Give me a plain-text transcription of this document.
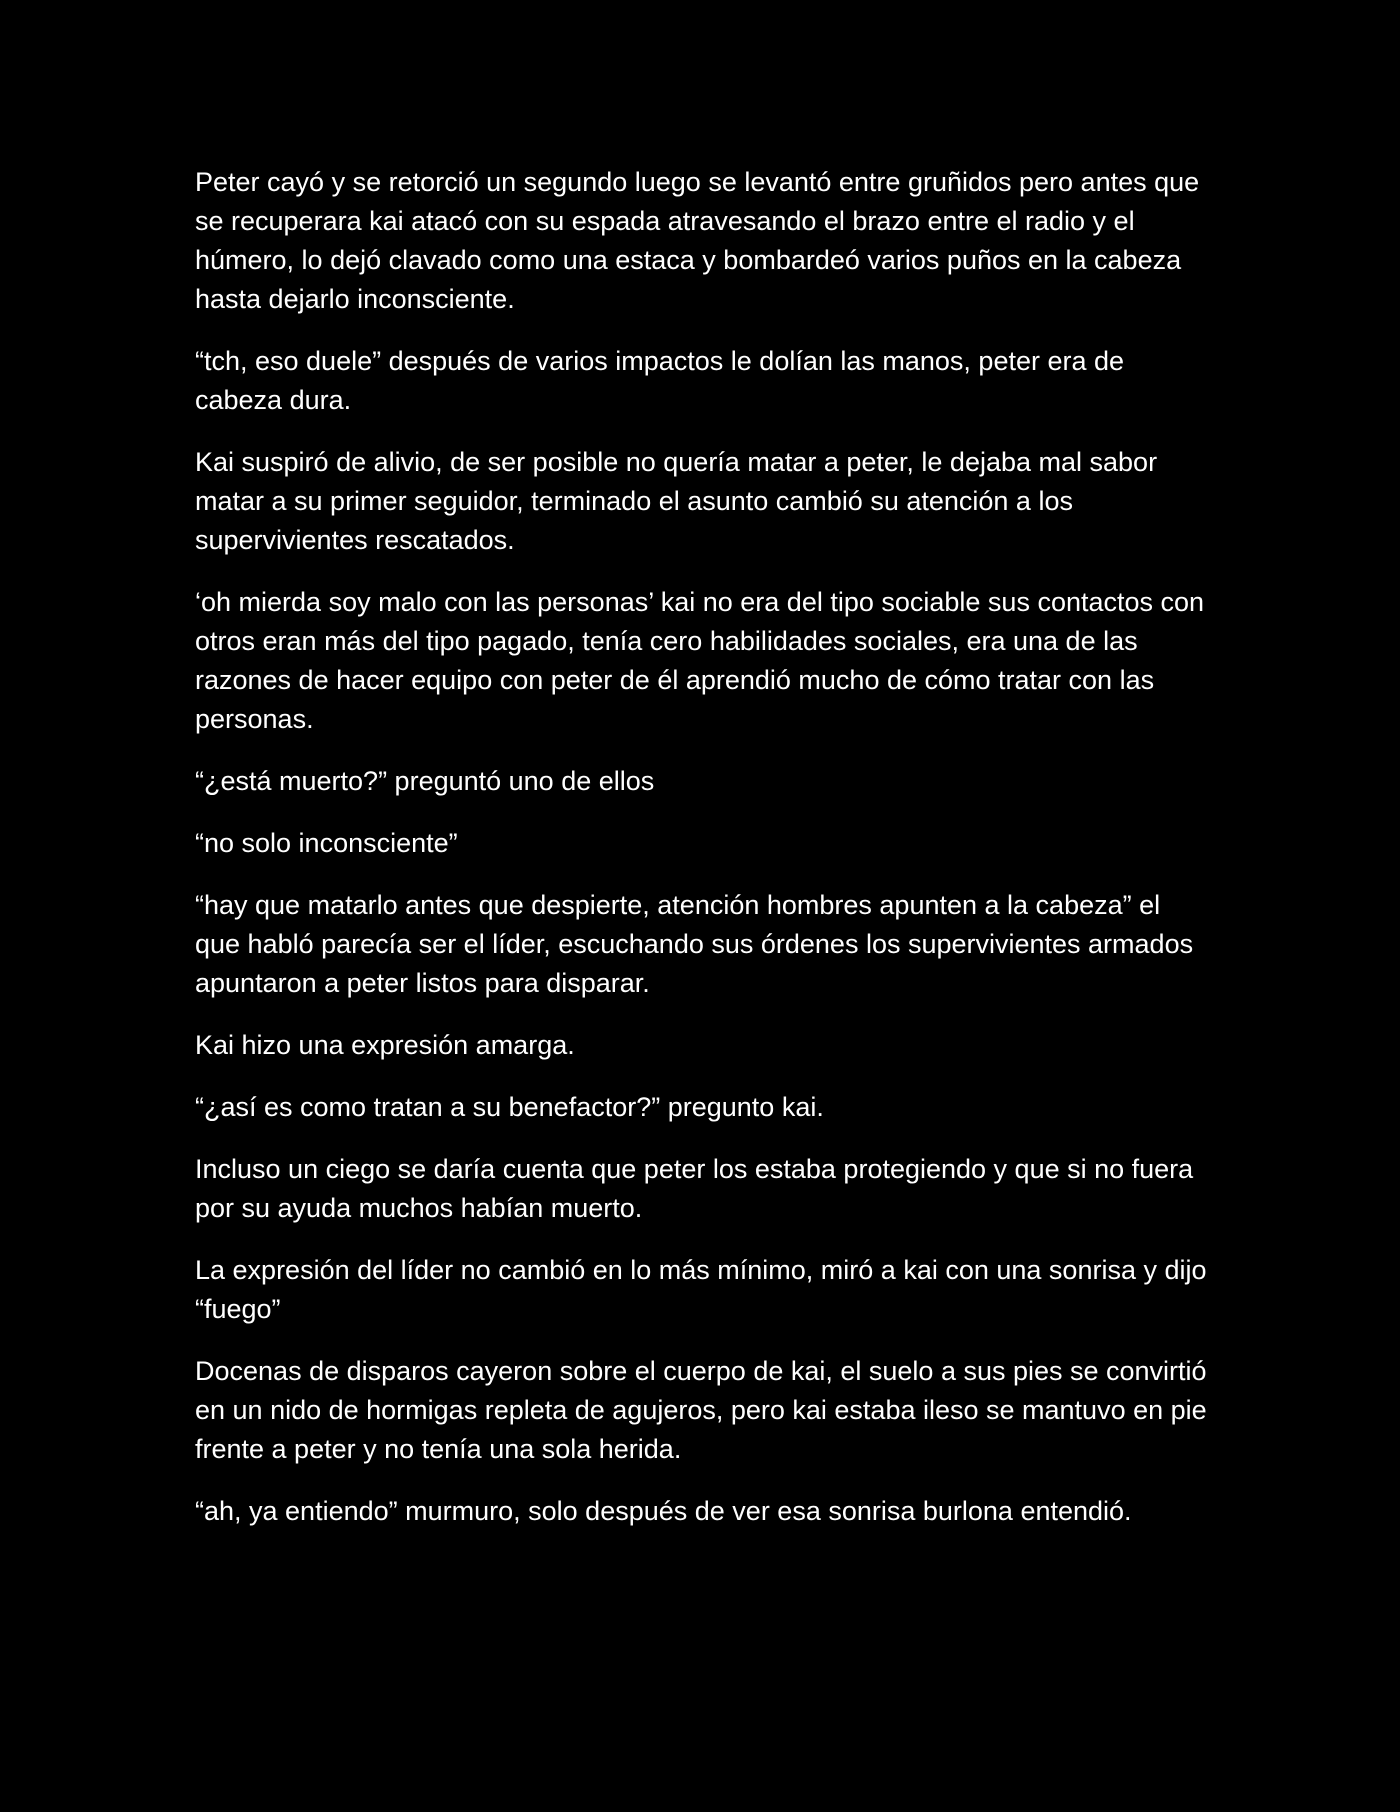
Peter cayó y se retorció un segundo luego se levantó entre gruñidos pero antes que se recuperara kai atacó con su espada atravesando el brazo entre el radio y el húmero, lo dejó clavado como una estaca y bombardeó varios puños en la cabeza hasta dejarlo inconsciente.

“tch, eso duele” después de varios impactos le dolían las manos, peter era de cabeza dura.

Kai suspiró de alivio, de ser posible no quería matar a peter, le dejaba mal sabor matar a su primer seguidor, terminado el asunto cambió su atención a los supervivientes rescatados.

‘oh mierda soy malo con las personas’ kai no era del tipo sociable sus contactos con otros eran más del tipo pagado, tenía cero habilidades sociales, era una de las razones de hacer equipo con peter de él aprendió mucho de cómo tratar con las personas.

“¿está muerto?” preguntó uno de ellos

“no solo inconsciente”

“hay que matarlo antes que despierte, atención hombres apunten a la cabeza” el que habló parecía ser el líder, escuchando sus órdenes los supervivientes armados apuntaron a peter listos para disparar.

Kai hizo una expresión amarga.

“¿así es como tratan a su benefactor?” pregunto kai.

Incluso un ciego se daría cuenta que peter los estaba protegiendo y que si no fuera por su ayuda muchos habían muerto.

La expresión del líder no cambió en lo más mínimo, miró a kai con una sonrisa y dijo “fuego”

Docenas de disparos cayeron sobre el cuerpo de kai, el suelo a sus pies se convirtió en un nido de hormigas repleta de agujeros, pero kai estaba ileso se mantuvo en pie frente a peter y no tenía una sola herida.

“ah, ya entiendo” murmuro, solo después de ver esa sonrisa burlona entendió.
